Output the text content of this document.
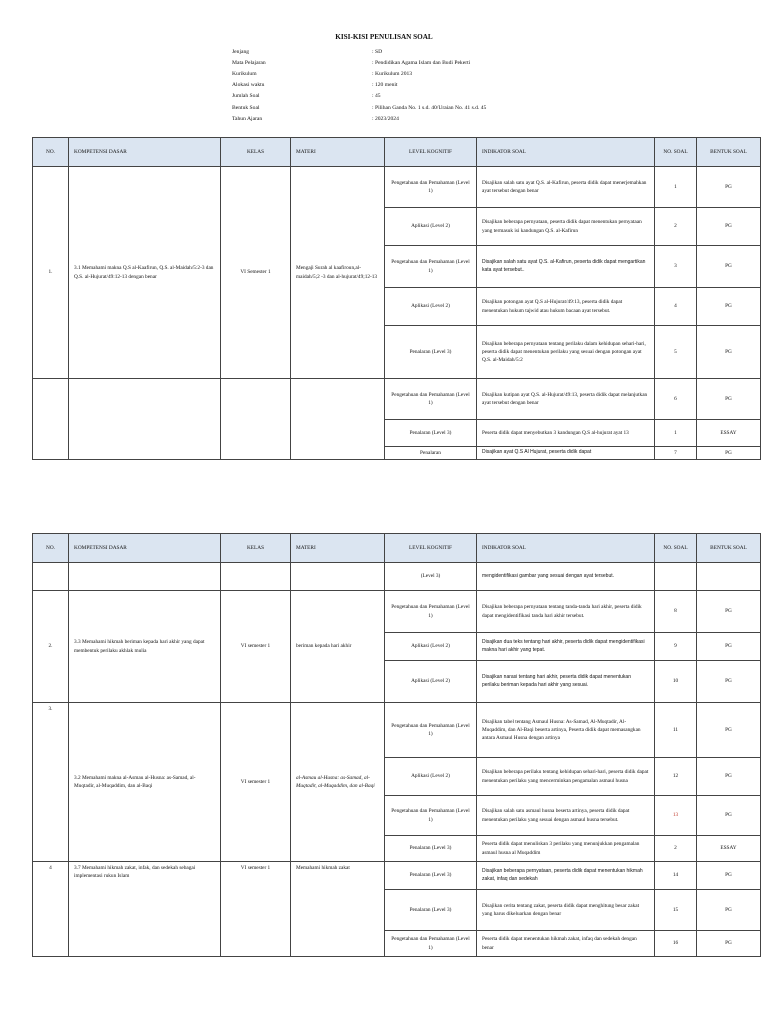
KISI-KISI PENULISAN SOAL
Jenjang	: SD
Mata Pelajaran	: Pendidikan Agama Islam dan Budi Pekerti
Kurikulum	: Kurikulum 2013
Alokasi waktu	: 120 menit
Jumlah Soal	: 45
Bentuk Soal	: Pilihan Ganda No. 1 s.d. 40/Uraian No. 41 s.d. 45
Tahun Ajaran	: 2023/2024
NO.	KOMPETENSI DASAR	KELAS	MATERI	LEVEL KOGNITIF	INDIKATOR SOAL	NO. SOAL	BENTUK SOAL
1.	3.1 Memahami makna Q.S al-Kaafirun, Q.S. al-Maidah/5:2-3 dan Q.S. al-Hujurat/49:12-13 dengan benar	VI Semester 1	Mengaji Surah al kaafiroun,al-maidah/5;2 -3 dan al-hujurat/49;12-13	Pengetahuan dan Pemahaman (Level 1)	Disajikan salah satu ayat Q.S. al-Kafirun, peserta didik dapat menerjemahkan ayat tersebut dengan benar	1	PG
				Aplikasi (Level 2)	Disajikan beberapa pernyataan, peserta didik dapat menentukan pernyataan yang termasuk isi kandungan Q.S. al-Kafirun	2	PG
				Pengetahuan dan Pemahaman (Level 1)	Disajikan salah satu ayat Q.S. al-Kafirun, peserta didik dapat mengartikan kata ayat tersebut..	3	PG
				Aplikasi (Level 2)	Disajikan potongan ayat Q.S al-Hujurat/49:13, peserta didik dapat menentukan hukum tajwid atau hukum bacaan ayat tersebut.	4	PG
				Penalaran (Level 3)	Disajikan beberapa pernyataan tentang perilaku dalam kehidupan sehari-hari, peserta didik dapat menentukan perilaku yang sesuai dengan potongan ayat Q.S. al-Maidah/5:2	5	PG
				Pengetahuan dan Pemahaman (Level 1)	Disajikan kutipan ayat Q.S. al-Hujurat/49:13, peserta didik dapat melanjutkan ayat tersebut dengan benar	6	PG
				Penalaran (Level 3)	Peserta didik dapat menyebutkan 3 kandungan Q.S al-hujurat ayat 13	1	ESSAY
				Penalaran	Disajikan ayat Q.S Al Hujurat, peserta didik dapat	7	PG
NO.	KOMPETENSI DASAR	KELAS	MATERI	LEVEL KOGNITIF	INDIKATOR SOAL	NO. SOAL	BENTUK SOAL
				(Level 3)	mengidentifikasi gambar yang sesuai dengan ayat tersebut.		
2.	3.3 Memahami hikmah beriman kepada hari akhir yang dapat membentuk perilaku akhlak mulia	VI semester 1	beriman kepada hari akhir	Pengetahuan dan Pemahaman (Level 1)	Disajikan beberapa pernyataan tentang tanda-tanda hari akhir, peserta didik dapat mengidentifikasi tanda hari akhir tersebut.	8	PG
				Aplikasi (Level 2)	Disajikan dua teks tentang hari akhir, peserta didik dapat mengidentifikasi makna hari akhir yang tepat.	9	PG
				Aplikasi (Level 2)	Disajikan narasi tentang hari akhir, peserta didik dapat menentukan perilaku beriman kepada hari akhir yang sesuai.	10	PG
3.	3.2 Memahami makna al-Asmau al-Husna: as-Samad, al-Muqtadir, al-Muqaddim, dan al-Baqi	VI semester 1	al-Asmau al-Husna: as-Samad, al-Muqtadir, al-Muqaddim, dan al-Baqi	Pengetahuan dan Pemahaman (Level 1)	Disajikan tabel tentang Asmaul Husna: As-Samad, Al-Muqtadir, Al-Muqaddim, dan Al-Baqi beserta artinya, Peserta didik dapat memasangkan antara Asmaul Husna dengan artinya	11	PG
				Aplikasi (Level 2)	Disajikan beberapa perilaku tentang kehidupan sehari-hari, peserta didik dapat menentukan perilaku yang mencerminkan pengamalan asmaul husna	12	PG
				Pengetahuan dan Pemahaman (Level 1)	Disajikan salah satu asmaul husna beserta artinya, peserta didik dapat menentukan perilaku yang sesuai dengan asmaul husna tersebut.	13	PG
				Penalaran (Level 3)	Peserta didik dapat menuliskan 3 perilaku yang menunjukkan pengamalan asmaul husna al Muqaddim	2	ESSAY
4	3.7 Memahami hikmah zakat, infak, dan sedekah sebagai implementasi rukun Islam	VI semester 1	Memahami hikmah zakat	Penalaran (Level 3)	Disajikan beberapa pernyataan, peserta didik dapat menentukan hikmah zakat, infaq dan sedekah	14	PG
				Penalaran (Level 3)	Disajikan cerita tentang zakat, peserta didik dapat menghitung besar zakat yang harus dikeluarkan dengan benar	15	PG
				Pengetahuan dan Pemahaman (Level 1)	Peserta didik dapat menentukan hikmah zakat, infaq dan sedekah dengan benar	16	PG
